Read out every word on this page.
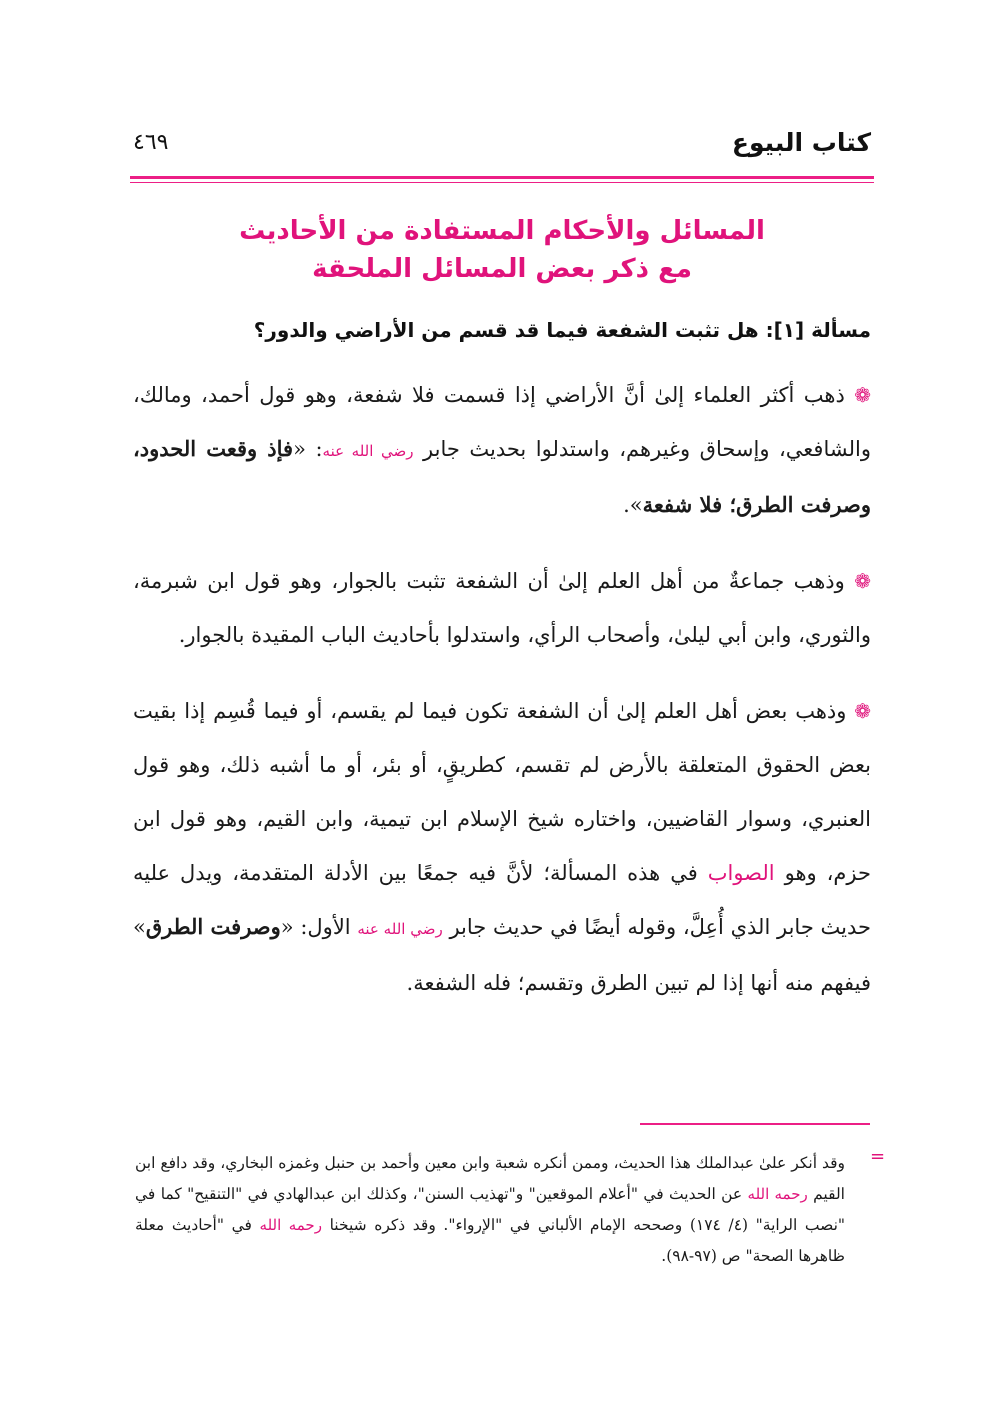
كتاب البيوع
٤٦٩
المسائل والأحكام المستفادة من الأحاديث
مع ذكر بعض المسائل الملحقة
مسألة [١]: هل تثبت الشفعة فيما قد قسم من الأراضي والدور؟

❁ ذهب أكثر العلماء إلىٰ أنَّ الأراضي إذا قسمت فلا شفعة، وهو قول أحمد، ومالك، والشافعي، وإسحاق وغيرهم، واستدلوا بحديث جابر رضي الله عنه: «فإذ وقعت الحدود، وصرفت الطرق؛ فلا شفعة».

❁ وذهب جماعةٌ من أهل العلم إلىٰ أن الشفعة تثبت بالجوار، وهو قول ابن شبرمة، والثوري، وابن أبي ليلىٰ، وأصحاب الرأي، واستدلوا بأحاديث الباب المقيدة بالجوار.

❁ وذهب بعض أهل العلم إلىٰ أن الشفعة تكون فيما لم يقسم، أو فيما قُسِم إذا بقيت بعض الحقوق المتعلقة بالأرض لم تقسم، كطريقٍ، أو بئر، أو ما أشبه ذلك، وهو قول العنبري، وسوار القاضيين، واختاره شيخ الإسلام ابن تيمية، وابن القيم، وهو قول ابن حزم، وهو الصواب في هذه المسألة؛ لأنَّ فيه جمعًا بين الأدلة المتقدمة، ويدل عليه حديث جابر الذي أُعِلَّ، وقوله أيضًا في حديث جابر رضي الله عنه الأول: «وصرفت الطرق» فيفهم منه أنها إذا لم تبين الطرق وتقسم؛ فله الشفعة.

=

وقد أنكر علىٰ عبدالملك هذا الحديث، وممن أنكره شعبة وابن معين وأحمد بن حنبل وغمزه البخاري، وقد دافع ابن القيم رحمه الله عن الحديث في "أعلام الموقعين" و"تهذيب السنن"، وكذلك ابن عبدالهادي في "التنقيح" كما في "نصب الراية" (٤/ ١٧٤) وصححه الإمام الألباني في "الإرواء". وقد ذكره شيخنا رحمه الله في "أحاديث معلة ظاهرها الصحة" ص (٩٧-٩٨).
